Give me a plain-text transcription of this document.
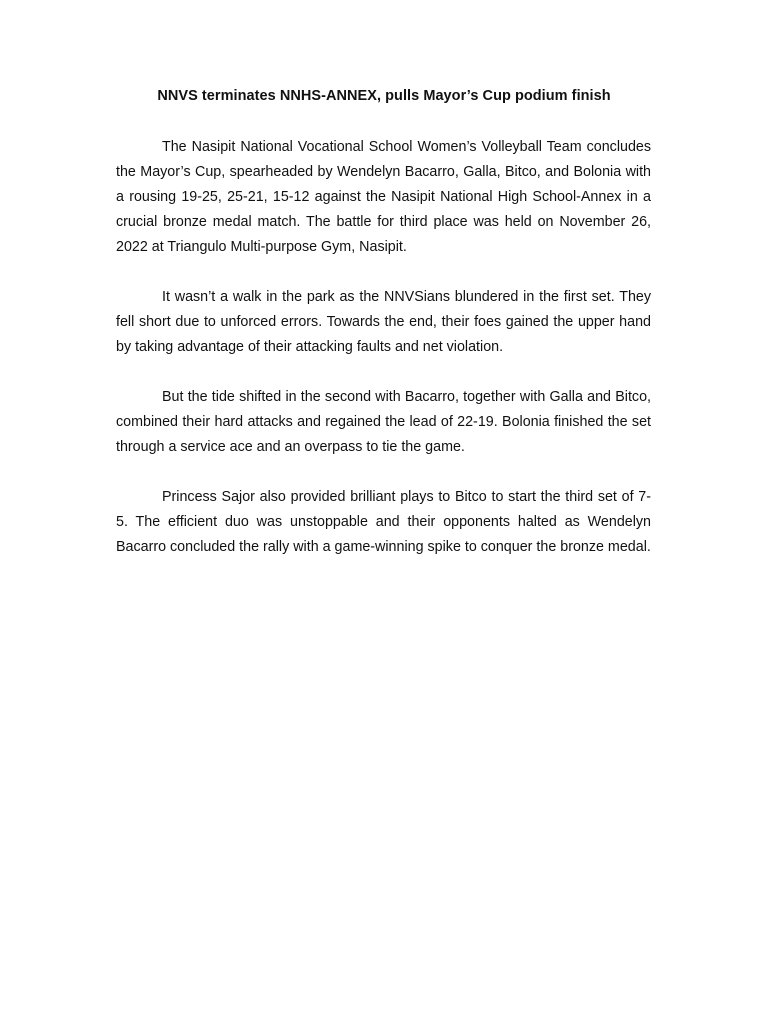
NNVS terminates NNHS-ANNEX, pulls Mayor’s Cup podium finish

The Nasipit National Vocational School Women’s Volleyball Team concludes the Mayor’s Cup, spearheaded by Wendelyn Bacarro, Galla, Bitco, and Bolonia with a rousing 19-25, 25-21, 15-12 against the Nasipit National High School-Annex in a crucial bronze medal match. The battle for third place was held on November 26, 2022 at Triangulo Multi-purpose Gym, Nasipit.

It wasn’t a walk in the park as the NNVSians blundered in the first set. They fell short due to unforced errors. Towards the end, their foes gained the upper hand by taking advantage of their attacking faults and net violation.

But the tide shifted in the second with Bacarro, together with Galla and Bitco, combined their hard attacks and regained the lead of 22-19. Bolonia finished the set through a service ace and an overpass to tie the game.

Princess Sajor also provided brilliant plays to Bitco to start the third set of 7-5. The efficient duo was unstoppable and their opponents halted as Wendelyn Bacarro concluded the rally with a game-winning spike to conquer the bronze medal.
